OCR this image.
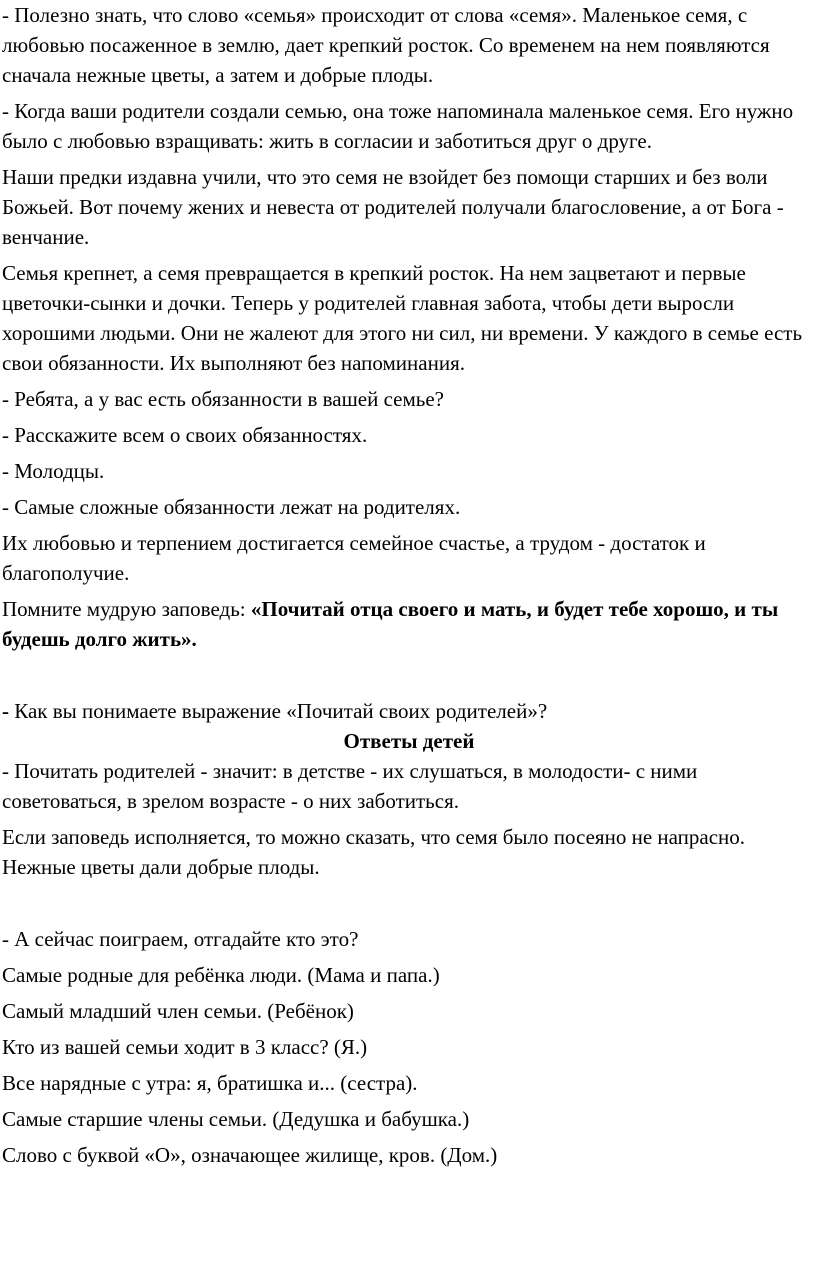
- Полезно знать, что слово «семья» происходит от слова «семя». Маленькое семя, с любовью посаженное в землю, дает крепкий росток. Со временем на нем появляются сначала нежные цветы, а затем и добрые плоды.

- Когда ваши родители создали семью, она тоже напоминала маленькое семя. Его нужно было с любовью взращивать: жить в согласии и заботиться друг о друге.

Наши предки издавна учили, что это семя не взойдет без помощи старших и без воли Божьей. Вот почему жених и невеста от родителей получали благословение, а от Бога - венчание.

Семья крепнет, а семя превращается в крепкий росток. На нем зацветают и первые цветочки-сынки и дочки. Теперь у родителей главная забота, чтобы дети выросли хорошими людьми. Они не жалеют для этого ни сил, ни времени. У каждого в семье есть свои обязанности. Их выполняют без напоминания.

- Ребята, а у вас есть обязанности в вашей семье?

- Расскажите всем о своих обязанностях.

- Молодцы.

- Самые сложные обязанности лежат на родителях.

Их любовью и терпением достигается семейное счастье, а трудом - достаток и благополучие.

Помните мудрую заповедь: «Почитай отца своего и мать, и будет тебе хорошо, и ты будешь долго жить».

- Как вы понимаете выражение «Почитай своих родителей»?

Ответы детей

- Почитать родителей - значит: в детстве - их слушаться, в молодости- с ними советоваться, в зрелом возрасте - о них заботиться.

Если заповедь исполняется, то можно сказать, что семя было посеяно не напрасно. Нежные цветы дали добрые плоды.

- А сейчас поиграем, отгадайте кто это?

Самые родные для ребёнка люди. (Мама и папа.)

Самый младший член семьи. (Ребёнок)

Кто из вашей семьи ходит в 3 класс? (Я.)

Все нарядные с утра: я, братишка и... (сестра).

Самые старшие члены семьи. (Дедушка и бабушка.)

Слово с буквой «О», означающее жилище, кров. (Дом.)
